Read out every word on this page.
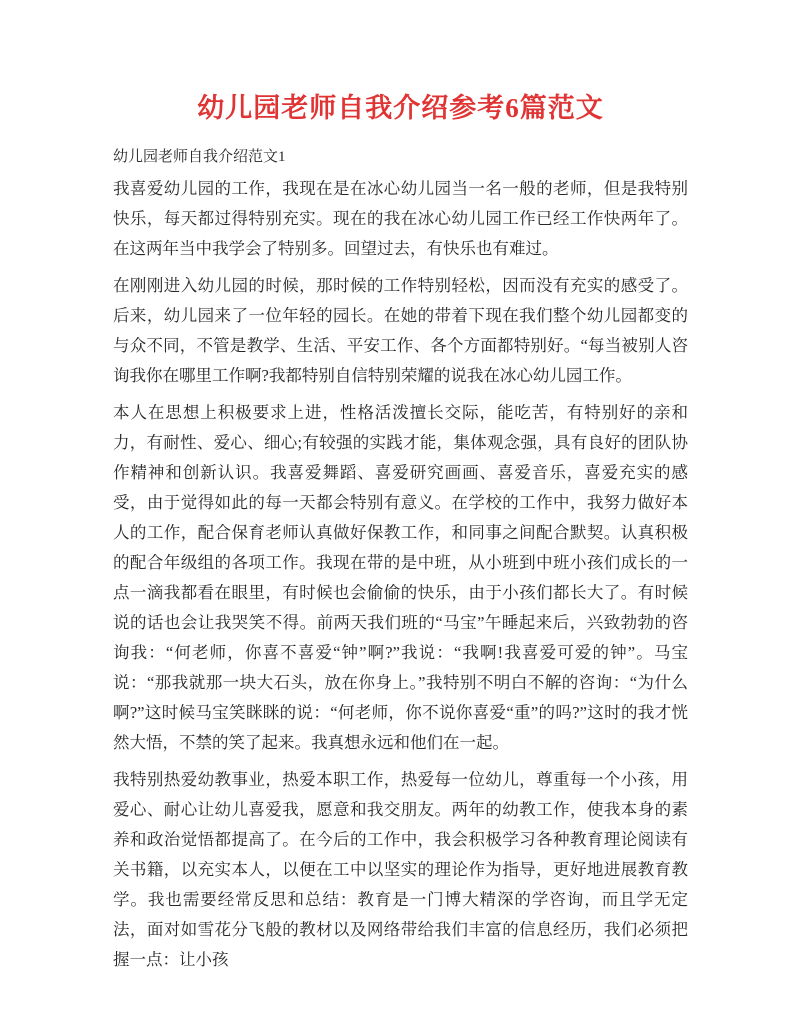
幼儿园老师自我介绍参考6篇范文
幼儿园老师自我介绍范文1

我喜爱幼儿园的工作，我现在是在冰心幼儿园当一名一般的老师，但是我特别快乐，每天都过得特别充实。现在的我在冰心幼儿园工作已经工作快两年了。在这两年当中我学会了特别多。回望过去，有快乐也有难过。

在刚刚进入幼儿园的时候，那时候的工作特别轻松，因而没有充实的感受了。后来，幼儿园来了一位年轻的园长。在她的带着下现在我们整个幼儿园都变的与众不同，不管是教学、生活、平安工作、各个方面都特别好。“每当被别人咨询我你在哪里工作啊?我都特别自信特别荣耀的说我在冰心幼儿园工作。

本人在思想上积极要求上进，性格活泼擅长交际，能吃苦，有特别好的亲和力，有耐性、爱心、细心;有较强的实践才能，集体观念强，具有良好的团队协作精神和创新认识。我喜爱舞蹈、喜爱研究画画、喜爱音乐，喜爱充实的感受，由于觉得如此的每一天都会特别有意义。在学校的工作中，我努力做好本人的工作，配合保育老师认真做好保教工作，和同事之间配合默契。认真积极的配合年级组的各项工作。我现在带的是中班，从小班到中班小孩们成长的一点一滴我都看在眼里，有时候也会偷偷的快乐，由于小孩们都长大了。有时候说的话也会让我哭笑不得。前两天我们班的“马宝”午睡起来后，兴致勃勃的咨询我：“何老师，你喜不喜爱“钟”啊?”我说：“我啊!我喜爱可爱的钟”。马宝说：“那我就那一块大石头，放在你身上。”我特别不明白不解的咨询：“为什么啊?”这时候马宝笑眯眯的说：“何老师，你不说你喜爱“重”的吗?”这时的我才恍然大悟，不禁的笑了起来。我真想永远和他们在一起。

我特别热爱幼教事业，热爱本职工作，热爱每一位幼儿，尊重每一个小孩，用爱心、耐心让幼儿喜爱我，愿意和我交朋友。两年的幼教工作，使我本身的素养和政治觉悟都提高了。在今后的工作中，我会积极学习各种教育理论阅读有关书籍，以充实本人，以便在工中以坚实的理论作为指导，更好地进展教育教学。我也需要经常反思和总结：教育是一门博大精深的学咨询，而且学无定法，面对如雪花分飞般的教材以及网络带给我们丰富的信息经历，我们必须把握一点：让小孩
